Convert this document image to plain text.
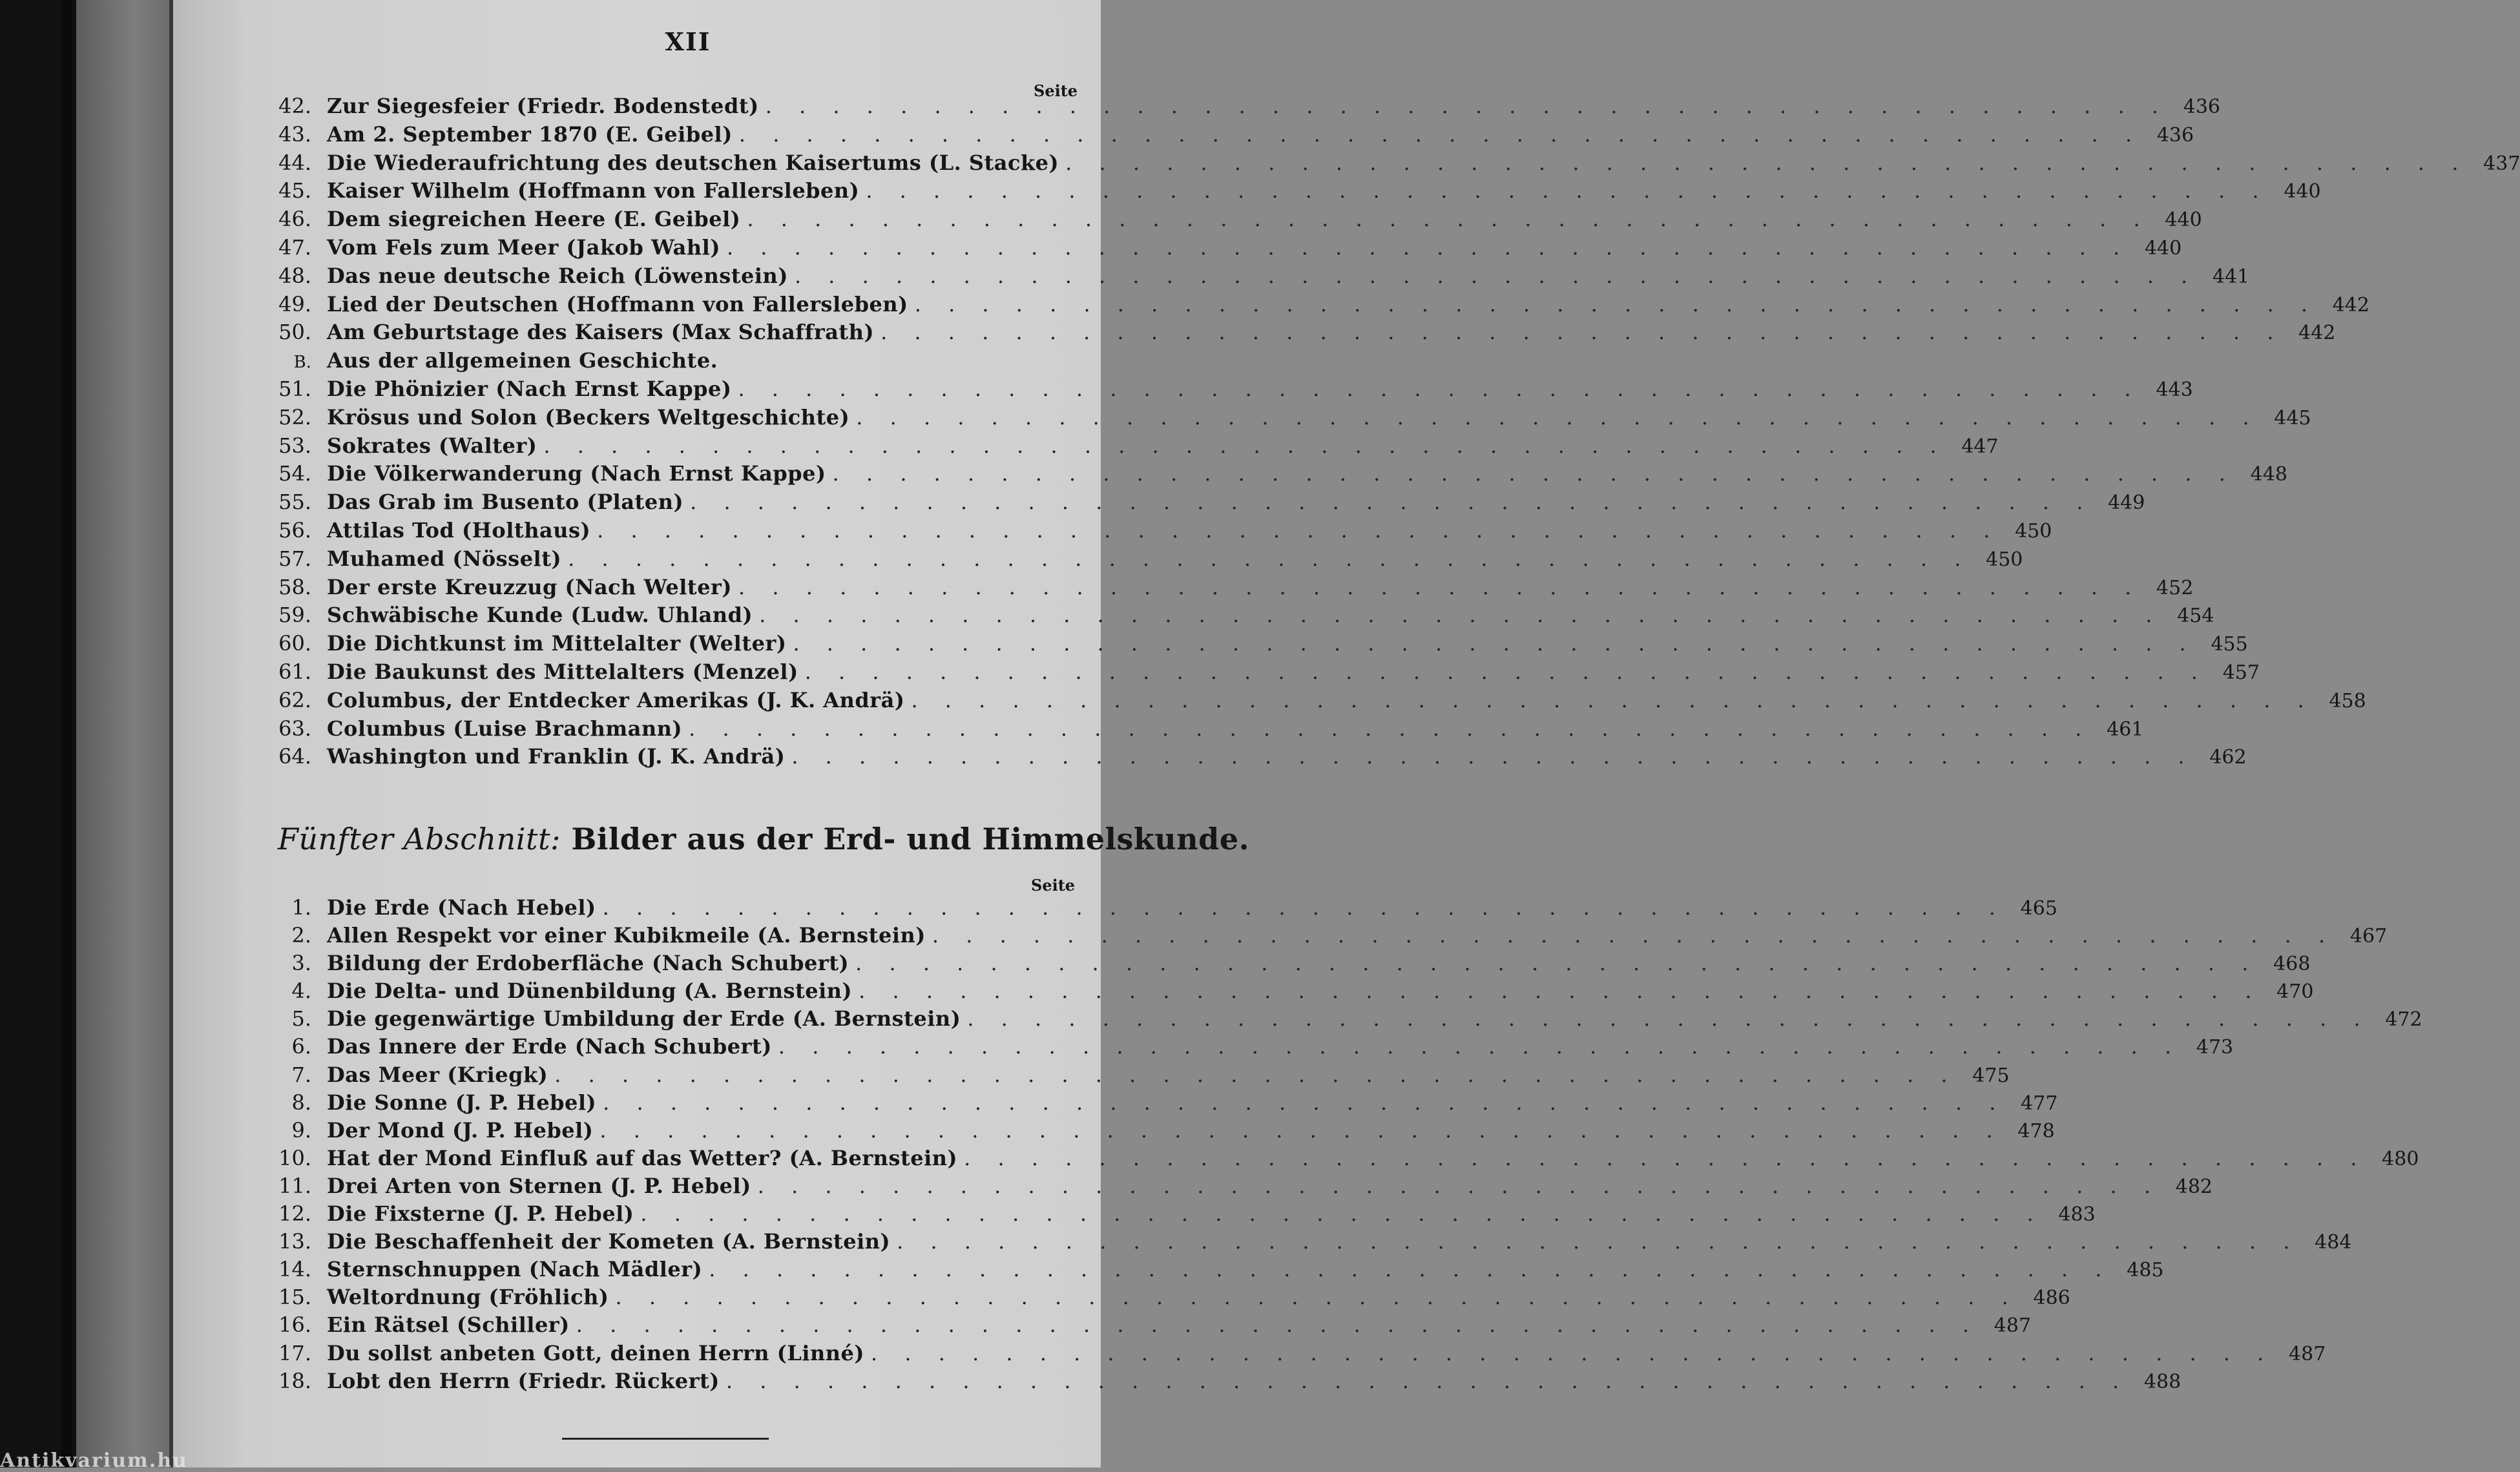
XII
Seite
42. Zur Siegesfeier (Friedr. Bodenstedt) . . .	436
43. Am 2. September 1870 (E. Geibel) . . .	436
44. Die Wiederaufrichtung des deutschen Kaisertums (L. Stacke) . . .	437
45. Kaiser Wilhelm (Hoffmann von Fallersleben) . . .	440
46. Dem siegreichen Heere (E. Geibel) . . .	440
47. Vom Fels zum Meer (Jakob Wahl) . . .	440
48. Das neue deutsche Reich (Löwenstein) . . .	441
49. Lied der Deutschen (Hoffmann von Fallersleben) . . .	442
50. Am Geburtstage des Kaisers (Max Schaffrath) . . .	442
B. Aus der allgemeinen Geschichte.
51. Die Phönizier (Nach Ernst Kappe) . . .	443
52. Krösus und Solon (Beckers Weltgeschichte) . . .	445
53. Sokrates (Walter) . . .	447
54. Die Völkerwanderung (Nach Ernst Kappe) . . .	448
55. Das Grab im Busento (Platen) . . .	449
56. Attilas Tod (Holthaus) . . .	450
57. Muhamed (Nösselt) . . .	450
58. Der erste Kreuzzug (Nach Welter) . . .	452
59. Schwäbische Kunde (Ludw. Uhland) . . .	454
60. Die Dichtkunst im Mittelalter (Welter) . . .	455
61. Die Baukunst des Mittelalters (Menzel) . . .	457
62. Columbus, der Entdecker Amerikas (J. K. Andrä) . . .	458
63. Columbus (Luise Brachmann) . . .	461
64. Washington und Franklin (J. K. Andrä) . . .	462
Fünfter Abschnitt: Bilder aus der Erd- und Himmelskunde.
Seite
1. Die Erde (Nach Hebel) . . .	465
2. Allen Respekt vor einer Kubikmeile (A. Bernstein) . . .	467
3. Bildung der Erdoberfläche (Nach Schubert) . . .	468
4. Die Delta- und Dünenbildung (A. Bernstein) . . .	470
5. Die gegenwärtige Umbildung der Erde (A. Bernstein) . . .	472
6. Das Innere der Erde (Nach Schubert) . . .	473
7. Das Meer (Kriegk) . . .	475
8. Die Sonne (J. P. Hebel) . . .	477
9. Der Mond (J. P. Hebel) . . .	478
10. Hat der Mond Einfluß auf das Wetter? (A. Bernstein) . . .	480
11. Drei Arten von Sternen (J. P. Hebel) . . .	482
12. Die Fixsterne (J. P. Hebel) . . .	483
13. Die Beschaffenheit der Kometen (A. Bernstein) . . .	484
14. Sternschnuppen (Nach Mädler) . . .	485
15. Weltordnung (Fröhlich) . . .	486
16. Ein Rätsel (Schiller) . . .	487
17. Du sollst anbeten Gott, deinen Herrn (Linné) . . .	487
18. Lobt den Herrn (Friedr. Rückert) . . .	488
Antikvarium.hu
